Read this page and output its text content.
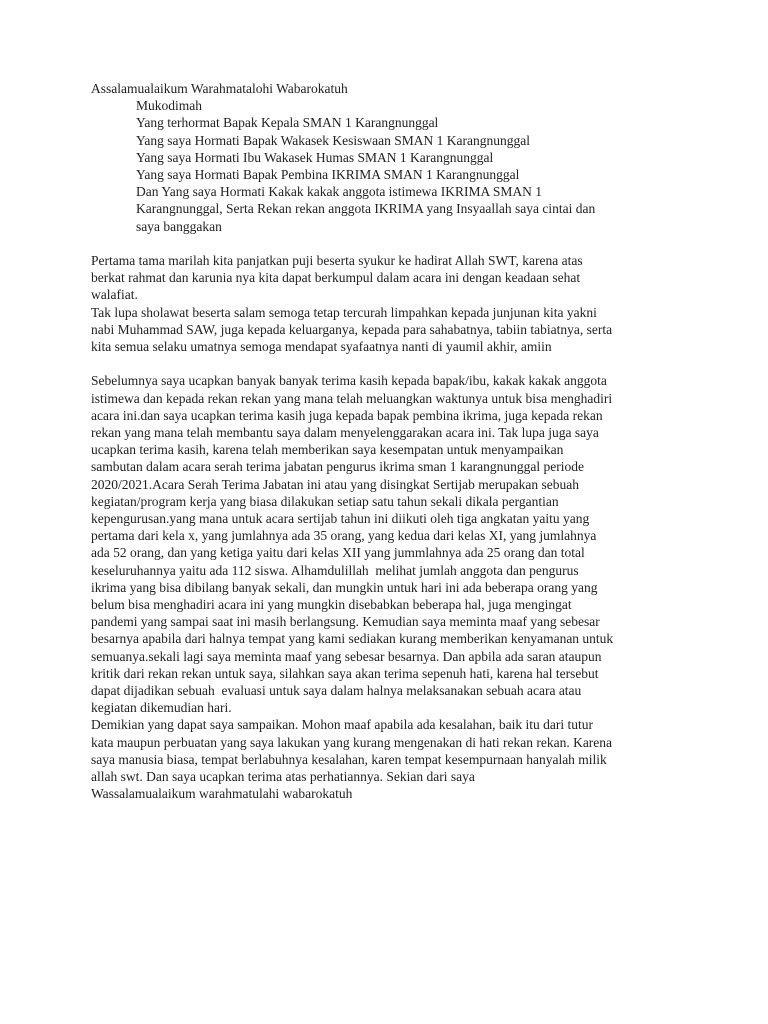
Assalamualaikum Warahmatalohi Wabarokatuh

Mukodimah

Yang terhormat Bapak Kepala SMAN 1 Karangnunggal

Yang saya Hormati Bapak Wakasek Kesiswaan SMAN 1 Karangnunggal

Yang saya Hormati Ibu Wakasek Humas SMAN 1 Karangnunggal

Yang saya Hormati Bapak Pembina IKRIMA SMAN 1 Karangnunggal

Dan Yang saya Hormati Kakak kakak anggota istimewa IKRIMA SMAN 1

Karangnunggal, Serta Rekan rekan anggota IKRIMA yang Insyaallah saya cintai dan

saya banggakan

Pertama tama marilah kita panjatkan puji beserta syukur ke hadirat Allah SWT, karena atas

berkat rahmat dan karunia nya kita dapat berkumpul dalam acara ini dengan keadaan sehat

walafiat.

Tak lupa sholawat beserta salam semoga tetap tercurah limpahkan kepada junjunan kita yakni

nabi Muhammad SAW, juga kepada keluarganya, kepada para sahabatnya, tabiin tabiatnya, serta

kita semua selaku umatnya semoga mendapat syafaatnya nanti di yaumil akhir, amiin

Sebelumnya saya ucapkan banyak banyak terima kasih kepada bapak/ibu, kakak kakak anggota

istimewa dan kepada rekan rekan yang mana telah meluangkan waktunya untuk bisa menghadiri

acara ini.dan saya ucapkan terima kasih juga kepada bapak pembina ikrima, juga kepada rekan

rekan yang mana telah membantu saya dalam menyelenggarakan acara ini. Tak lupa juga saya

ucapkan terima kasih, karena telah memberikan saya kesempatan untuk menyampaikan

sambutan dalam acara serah terima jabatan pengurus ikrima sman 1 karangnunggal periode

2020/2021.Acara Serah Terima Jabatan ini atau yang disingkat Sertijab merupakan sebuah

kegiatan/program kerja yang biasa dilakukan setiap satu tahun sekali dikala pergantian

kepengurusan.yang mana untuk acara sertijab tahun ini diikuti oleh tiga angkatan yaitu yang

pertama dari kela x, yang jumlahnya ada 35 orang, yang kedua dari kelas XI, yang jumlahnya

ada 52 orang, dan yang ketiga yaitu dari kelas XII yang jummlahnya ada 25 orang dan total

keseluruhannya yaitu ada 112 siswa. Alhamdulillah  melihat jumlah anggota dan pengurus

ikrima yang bisa dibilang banyak sekali, dan mungkin untuk hari ini ada beberapa orang yang

belum bisa menghadiri acara ini yang mungkin disebabkan beberapa hal, juga mengingat

pandemi yang sampai saat ini masih berlangsung. Kemudian saya meminta maaf yang sebesar

besarnya apabila dari halnya tempat yang kami sediakan kurang memberikan kenyamanan untuk

semuanya.sekali lagi saya meminta maaf yang sebesar besarnya. Dan apbila ada saran ataupun

kritik dari rekan rekan untuk saya, silahkan saya akan terima sepenuh hati, karena hal tersebut

dapat dijadikan sebuah  evaluasi untuk saya dalam halnya melaksanakan sebuah acara atau

kegiatan dikemudian hari.

Demikian yang dapat saya sampaikan. Mohon maaf apabila ada kesalahan, baik itu dari tutur

kata maupun perbuatan yang saya lakukan yang kurang mengenakan di hati rekan rekan. Karena

saya manusia biasa, tempat berlabuhnya kesalahan, karen tempat kesempurnaan hanyalah milik

allah swt. Dan saya ucapkan terima atas perhatiannya. Sekian dari saya

Wassalamualaikum warahmatulahi wabarokatuh
